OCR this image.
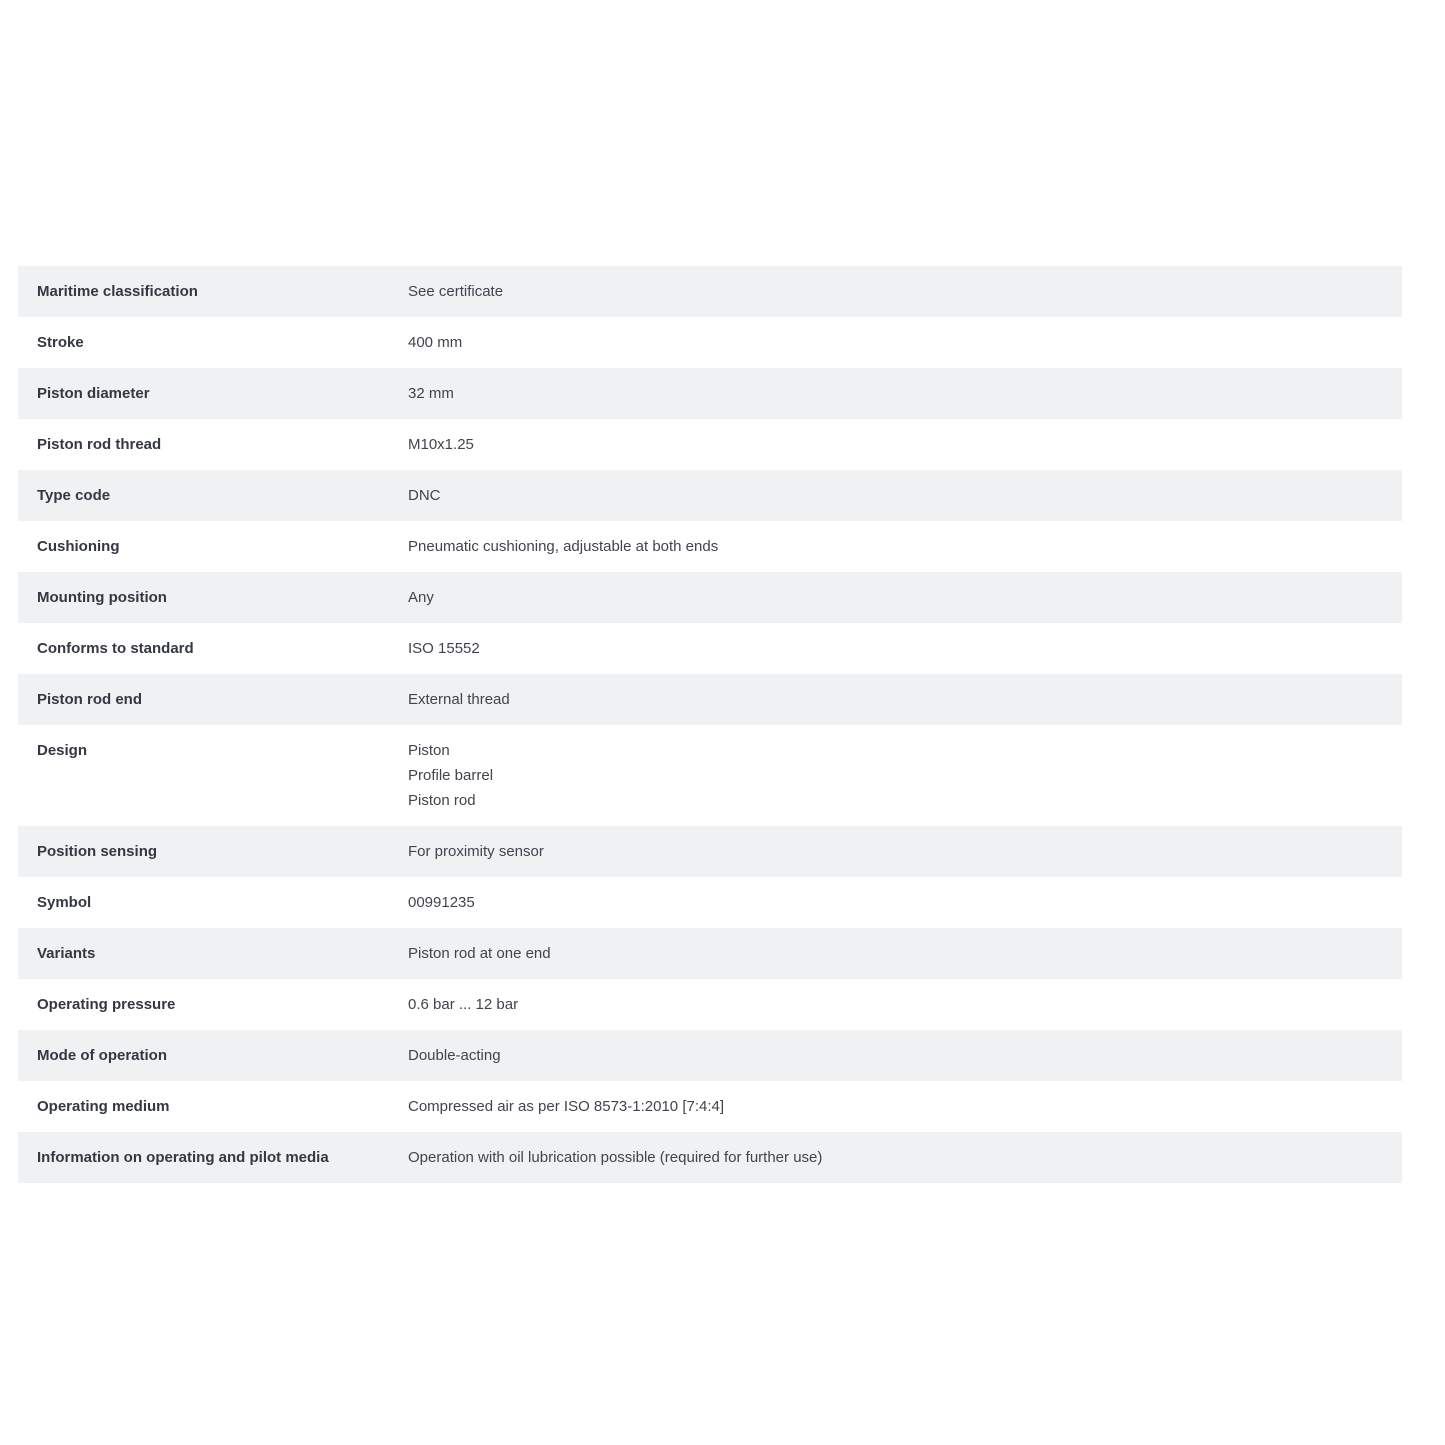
Maritime classification	See certificate
Stroke	400 mm
Piston diameter	32 mm
Piston rod thread	M10x1.25
Type code	DNC
Cushioning	Pneumatic cushioning, adjustable at both ends
Mounting position	Any
Conforms to standard	ISO 15552
Piston rod end	External thread
Design	Piston
Profile barrel
Piston rod
Position sensing	For proximity sensor
Symbol	00991235
Variants	Piston rod at one end
Operating pressure	0.6 bar ... 12 bar
Mode of operation	Double-acting
Operating medium	Compressed air as per ISO 8573-1:2010 [7:4:4]
Information on operating and pilot media	Operation with oil lubrication possible (required for further use)
